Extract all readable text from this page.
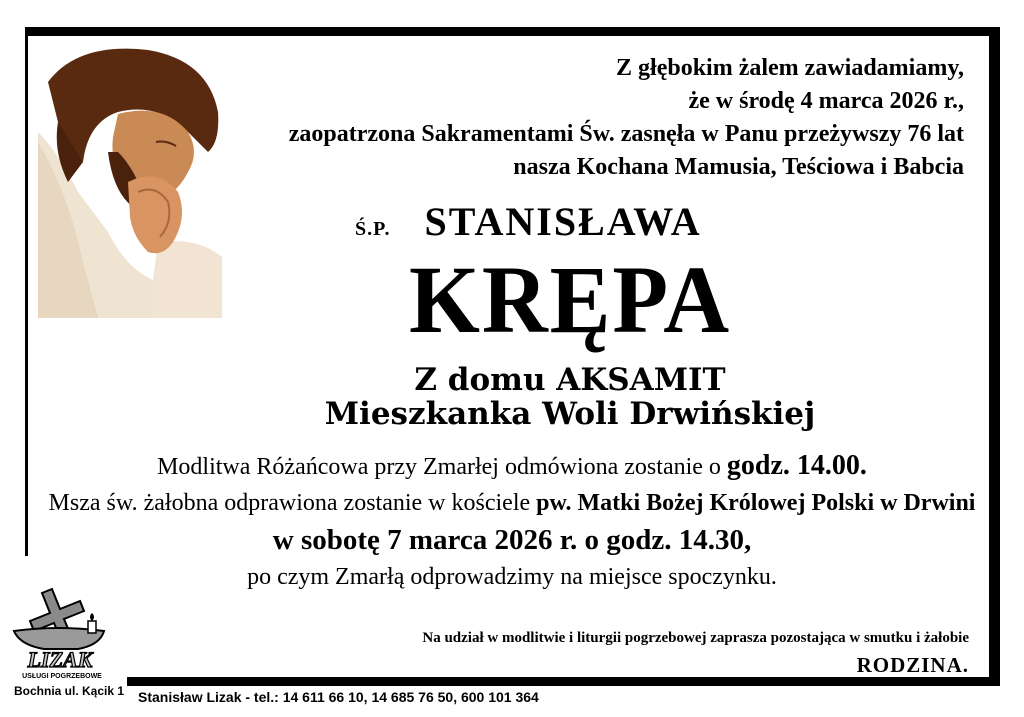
Z głębokim żalem zawiadamiamy,
że w środę 4 marca 2026 r.,
zaopatrzona Sakramentami Św. zasnęła w Panu przeżywszy 76 lat
nasza Kochana Mamusia, Teściowa i Babcia
Ś.P. STANISŁAWA
KRĘPA
Z domu AKSAMIT
Mieszkanka Woli Drwińskiej
Modlitwa Różańcowa przy Zmarłej odmówiona zostanie o godz. 14.00.
Msza św. żałobna odprawiona zostanie w kościele pw. Matki Bożej Królowej Polski w Drwini
w sobotę 7 marca 2026 r. o godz. 14.30,
po czym Zmarłą odprowadzimy na miejsce spoczynku.
Na udział w modlitwie i liturgii pogrzebowej zaprasza pozostająca w smutku i żałobie
RODZINA.
LIZAK
USŁUGI POGRZEBOWE
Bochnia ul. Kącik 1 Stanisław Lizak - tel.: 14 611 66 10, 14 685 76 50, 600 101 364
